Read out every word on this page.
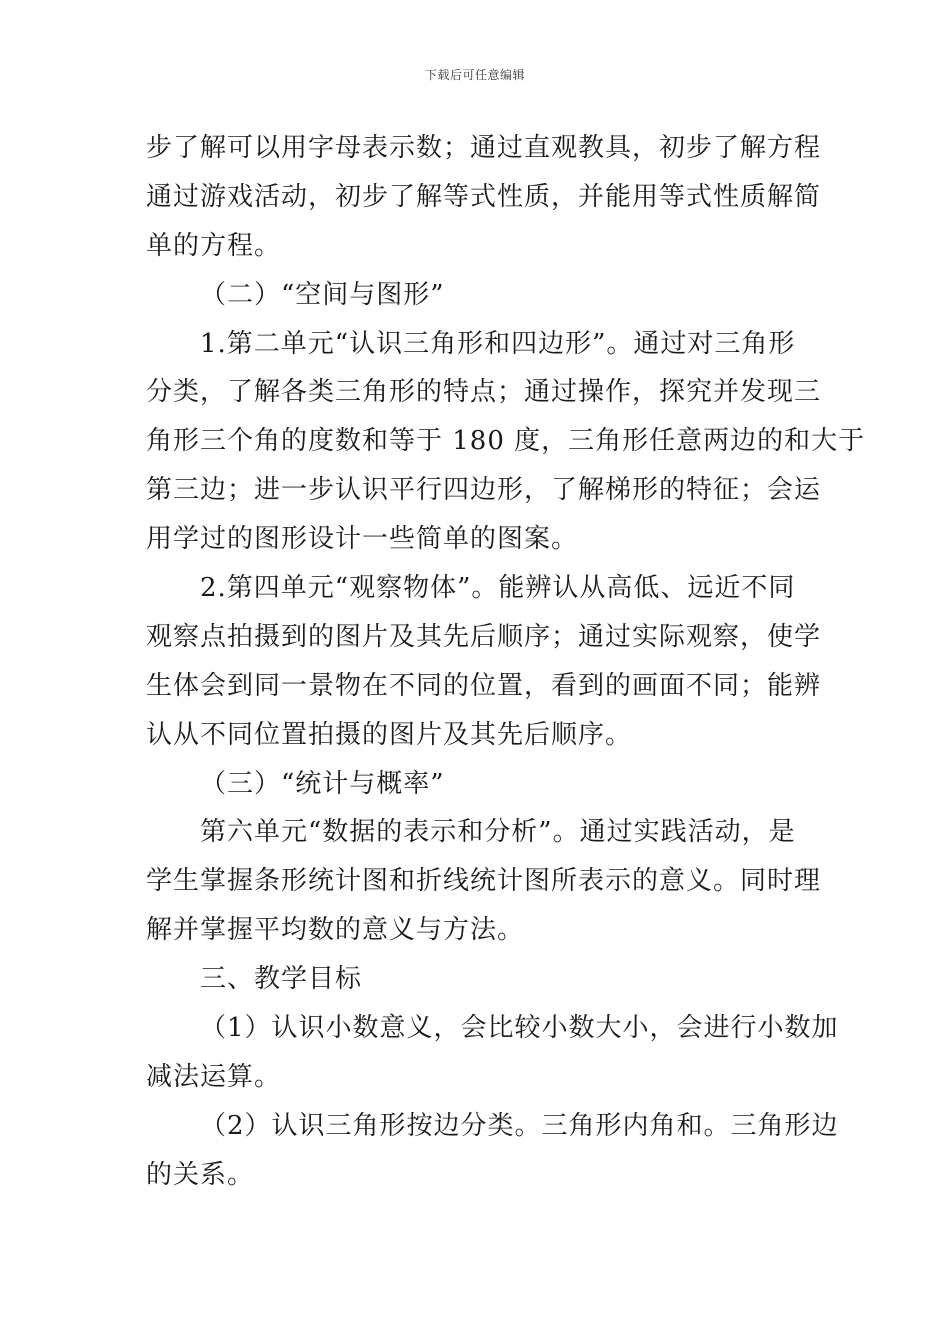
下载后可任意编辑
步了解可以用字母表示数；通过直观教具，初步了解方程
通过游戏活动，初步了解等式性质，并能用等式性质解简
单的方程。
（二）“空间与图形”
1.第二单元“认识三角形和四边形”。通过对三角形
分类，了解各类三角形的特点；通过操作，探究并发现三
角形三个角的度数和等于 180 度，三角形任意两边的和大于
第三边；进一步认识平行四边形，了解梯形的特征；会运
用学过的图形设计一些简单的图案。
2.第四单元“观察物体”。能辨认从高低、远近不同
观察点拍摄到的图片及其先后顺序；通过实际观察，使学
生体会到同一景物在不同的位置，看到的画面不同；能辨
认从不同位置拍摄的图片及其先后顺序。
（三）“统计与概率”
第六单元“数据的表示和分析”。通过实践活动，是
学生掌握条形统计图和折线统计图所表示的意义。同时理
解并掌握平均数的意义与方法。
三、教学目标
（1）认识小数意义，会比较小数大小，会进行小数加
减法运算。
（2）认识三角形按边分类。三角形内角和。三角形边
的关系。
